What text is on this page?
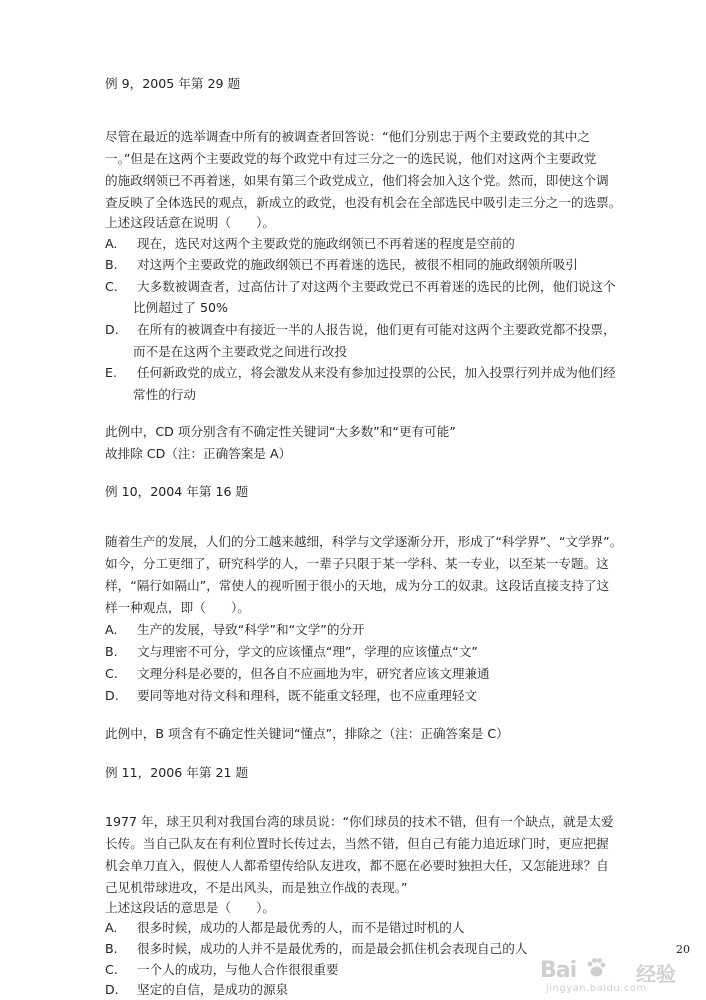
例 9，2005 年第 29 题
尽管在最近的选举调查中所有的被调查者回答说：“他们分别忠于两个主要政党的其中之
一。”但是在这两个主要政党的每个政党中有过三分之一的选民说，他们对这两个主要政党
的施政纲领已不再着迷，如果有第三个政党成立，他们将会加入这个党。然而，即使这个调
查反映了全体选民的观点，新成立的政党，也没有机会在全部选民中吸引走三分之一的选票。
上述这段话意在说明（　　）。
A. 现在，选民对这两个主要政党的施政纲领已不再着迷的程度是空前的
B. 对这两个主要政党的施政纲领已不再着迷的选民，被很不相同的施政纲领所吸引
C. 大多数被调查者，过高估计了对这两个主要政党已不再着迷的选民的比例，他们说这个
比例超过了 50%
D. 在所有的被调查中有接近一半的人报告说，他们更有可能对这两个主要政党都不投票，
而不是在这两个主要政党之间进行改投
E. 任何新政党的成立，将会激发从来没有参加过投票的公民，加入投票行列并成为他们经
常性的行动
此例中，CD 项分别含有不确定性关键词“大多数”和“更有可能”
故排除 CD（注：正确答案是 A）
例 10，2004 年第 16 题
随着生产的发展，人们的分工越来越细，科学与文学逐渐分开，形成了“科学界”、“文学界”。
如今，分工更细了，研究科学的人，一辈子只限于某一学科、某一专业，以至某一专题。这
样，“隔行如隔山”，常使人的视听囿于很小的天地，成为分工的奴隶。这段话直接支持了这
样一种观点，即（　　）。
A. 生产的发展，导致“科学”和“文学”的分开
B. 文与理密不可分，学文的应该懂点“理”，学理的应该懂点“文”
C. 文理分科是必要的，但各自不应画地为牢，研究者应该文理兼通
D. 要同等地对待文科和理科，既不能重文轻理，也不应重理轻文
此例中，B 项含有不确定性关键词“懂点”，排除之（注：正确答案是 C）
例 11，2006 年第 21 题
1977 年，球王贝利对我国台湾的球员说：“你们球员的技术不错，但有一个缺点，就是太爱
长传。当自己队友在有利位置时长传过去，当然不错，但自己有能力追近球门时，更应把握
机会单刀直入，假使人人都希望传给队友进攻，都不愿在必要时独担大任，又怎能进球？自
己见机带球进攻，不是出风头，而是独立作战的表现。”
上述这段话的意思是（　　）。
A. 很多时候，成功的人都是最优秀的人，而不是错过时机的人
B. 很多时候，成功的人并不是最优秀的，而是最会抓住机会表现自己的人
C. 一个人的成功，与他人合作很很重要
D. 坚定的自信，是成功的源泉
20
Bai	经验
jingyan.baidu.com
